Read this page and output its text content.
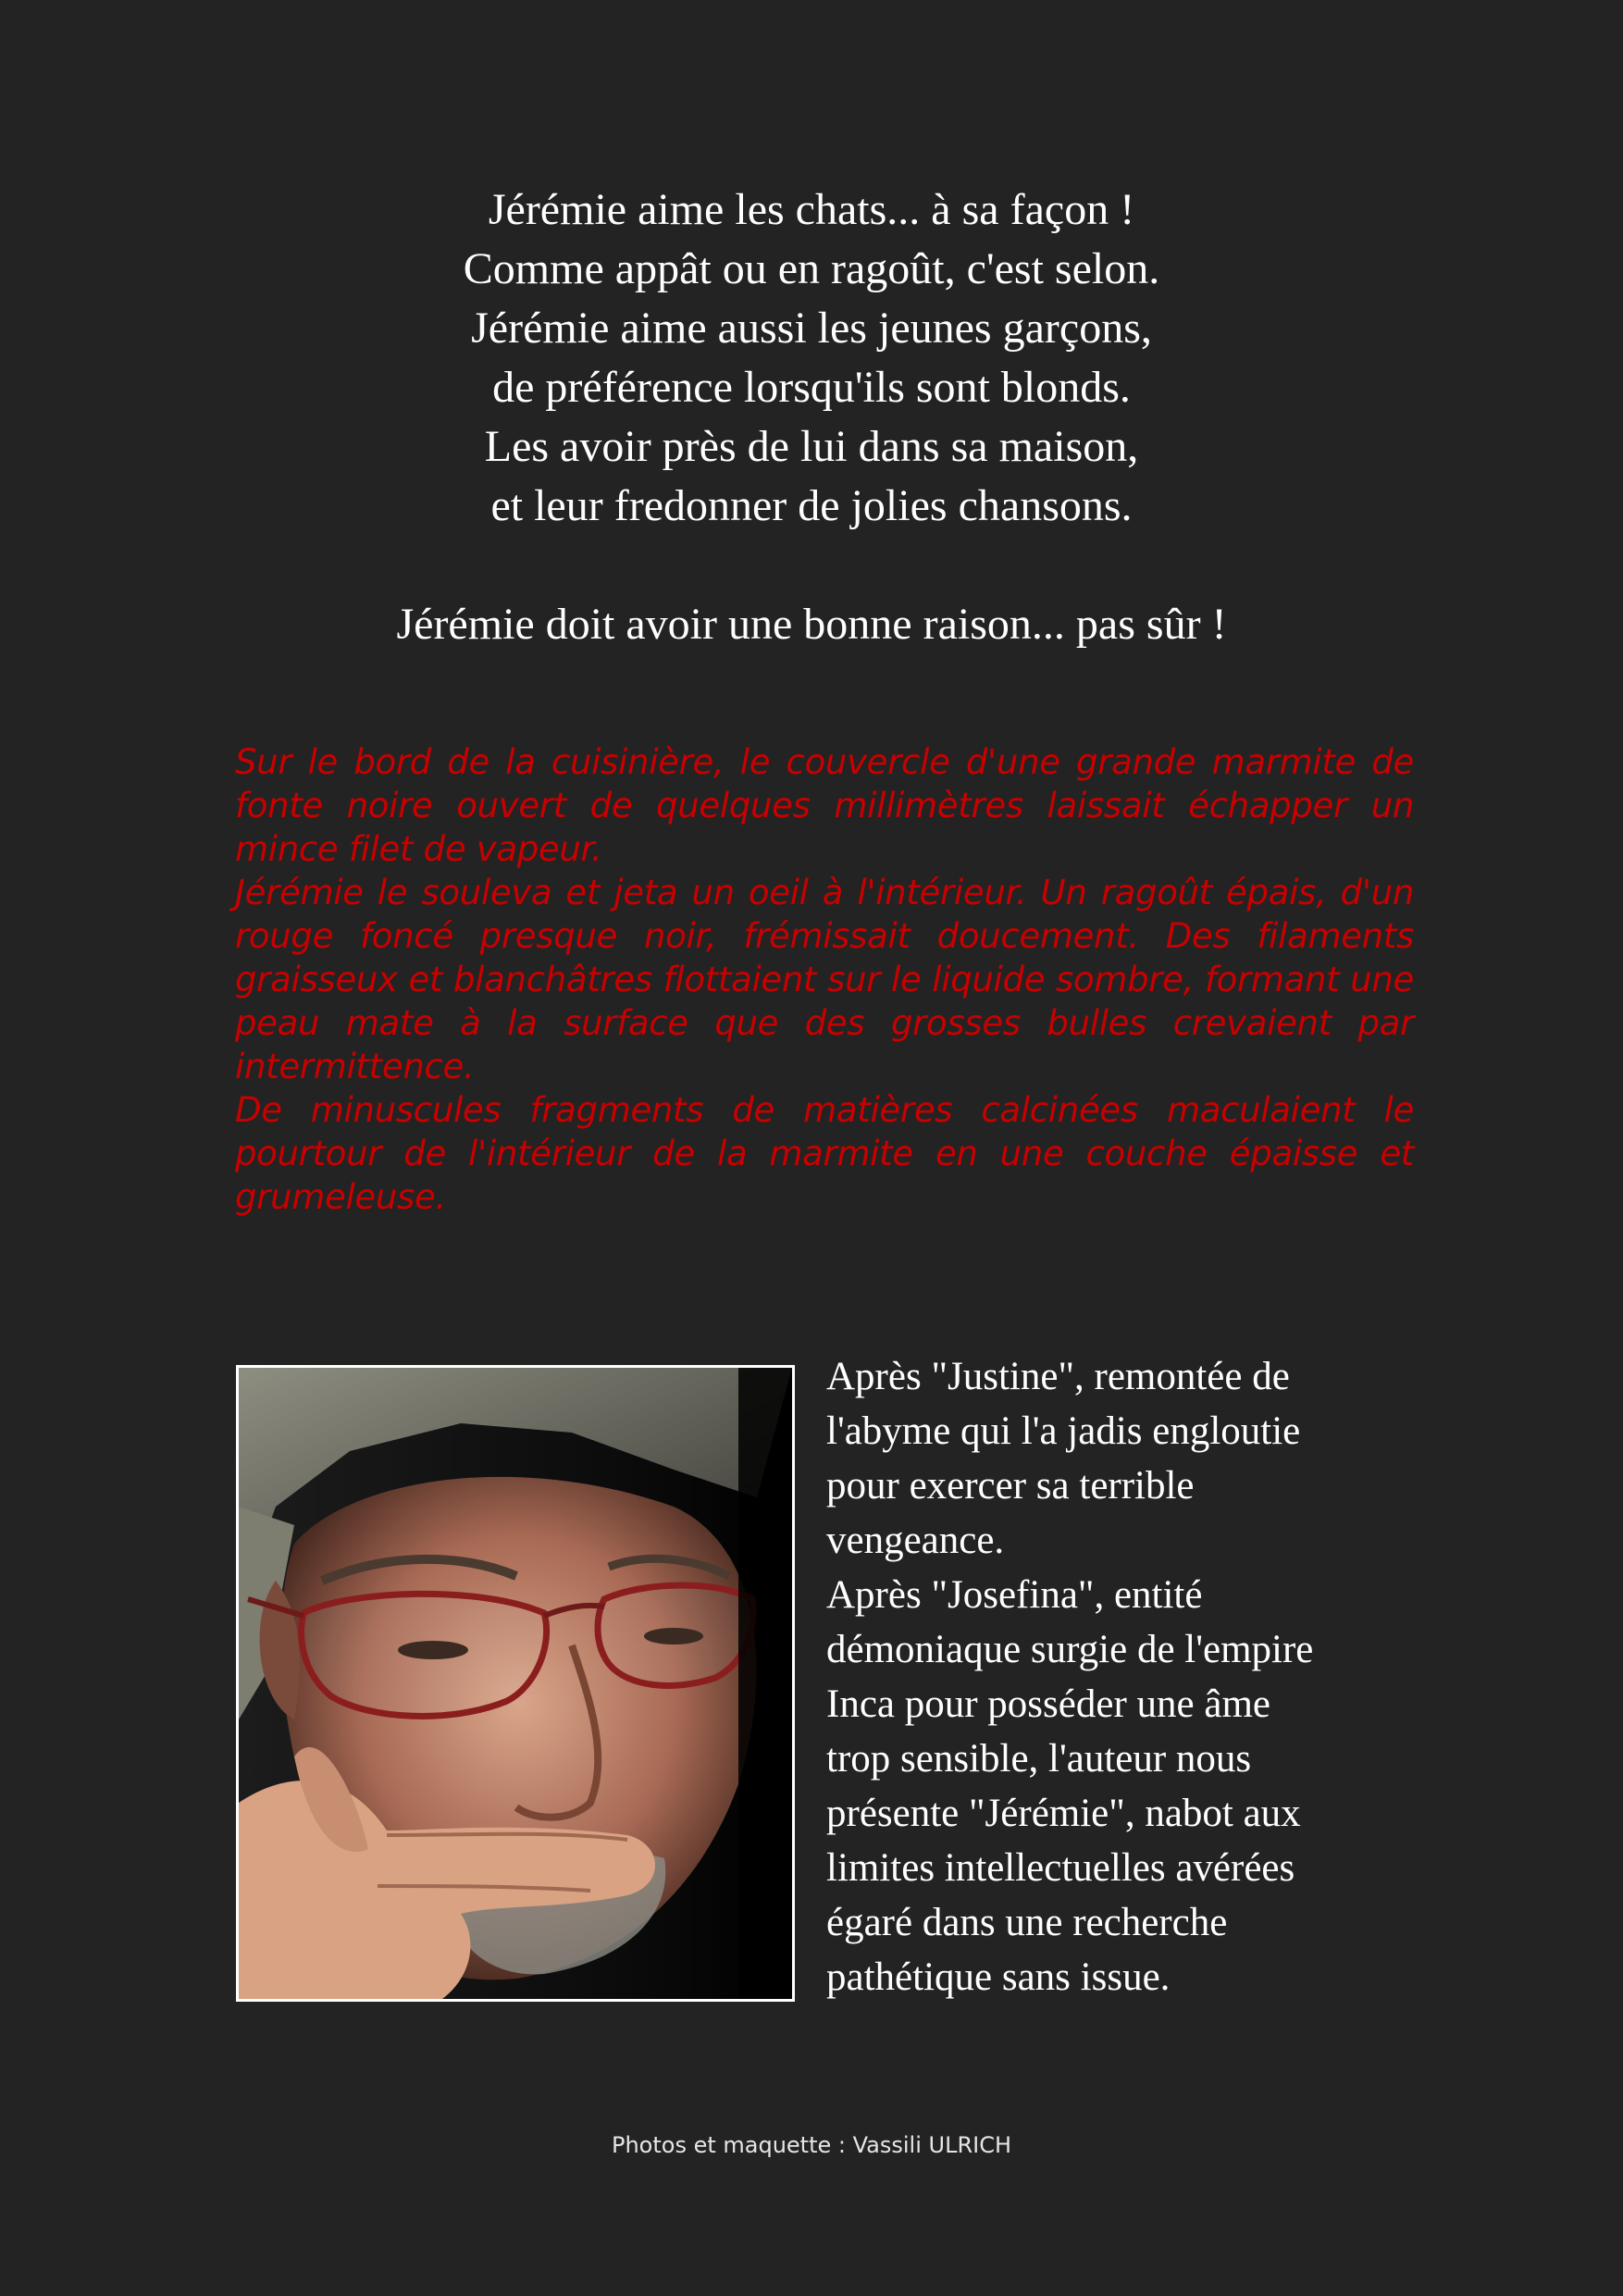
Jérémie aime les chats... à sa façon !
Comme appât ou en ragoût, c'est selon.
Jérémie aime aussi les jeunes garçons,
de préférence lorsqu'ils sont blonds.
Les avoir près de lui dans sa maison,
et leur fredonner de jolies chansons.
Jérémie doit avoir une bonne raison... pas sûr !

Sur le bord de la cuisinière, le couvercle d'une grande marmite de fonte noire ouvert de quelques millimètres laissait échapper un mince filet de vapeur.

Jérémie le souleva et jeta un oeil à l'intérieur. Un ragoût épais, d'un rouge foncé presque noir, frémissait doucement. Des filaments graisseux et blanchâtres flottaient sur le liquide sombre, formant une peau mate à la surface que des grosses bulles crevaient par intermittence.

De minuscules fragments de matières calcinées maculaient le pourtour de l'intérieur de la marmite en une couche épaisse et grumeleuse.

Après "Justine", remontée de
l'abyme qui l'a jadis engloutie
pour exercer sa terrible
vengeance.
Après "Josefina", entité
démoniaque surgie de l'empire
Inca pour posséder une âme
trop sensible, l'auteur nous
présente "Jérémie", nabot aux
limites intellectuelles avérées
égaré dans une recherche
pathétique sans issue.
Photos et maquette : Vassili ULRICH
